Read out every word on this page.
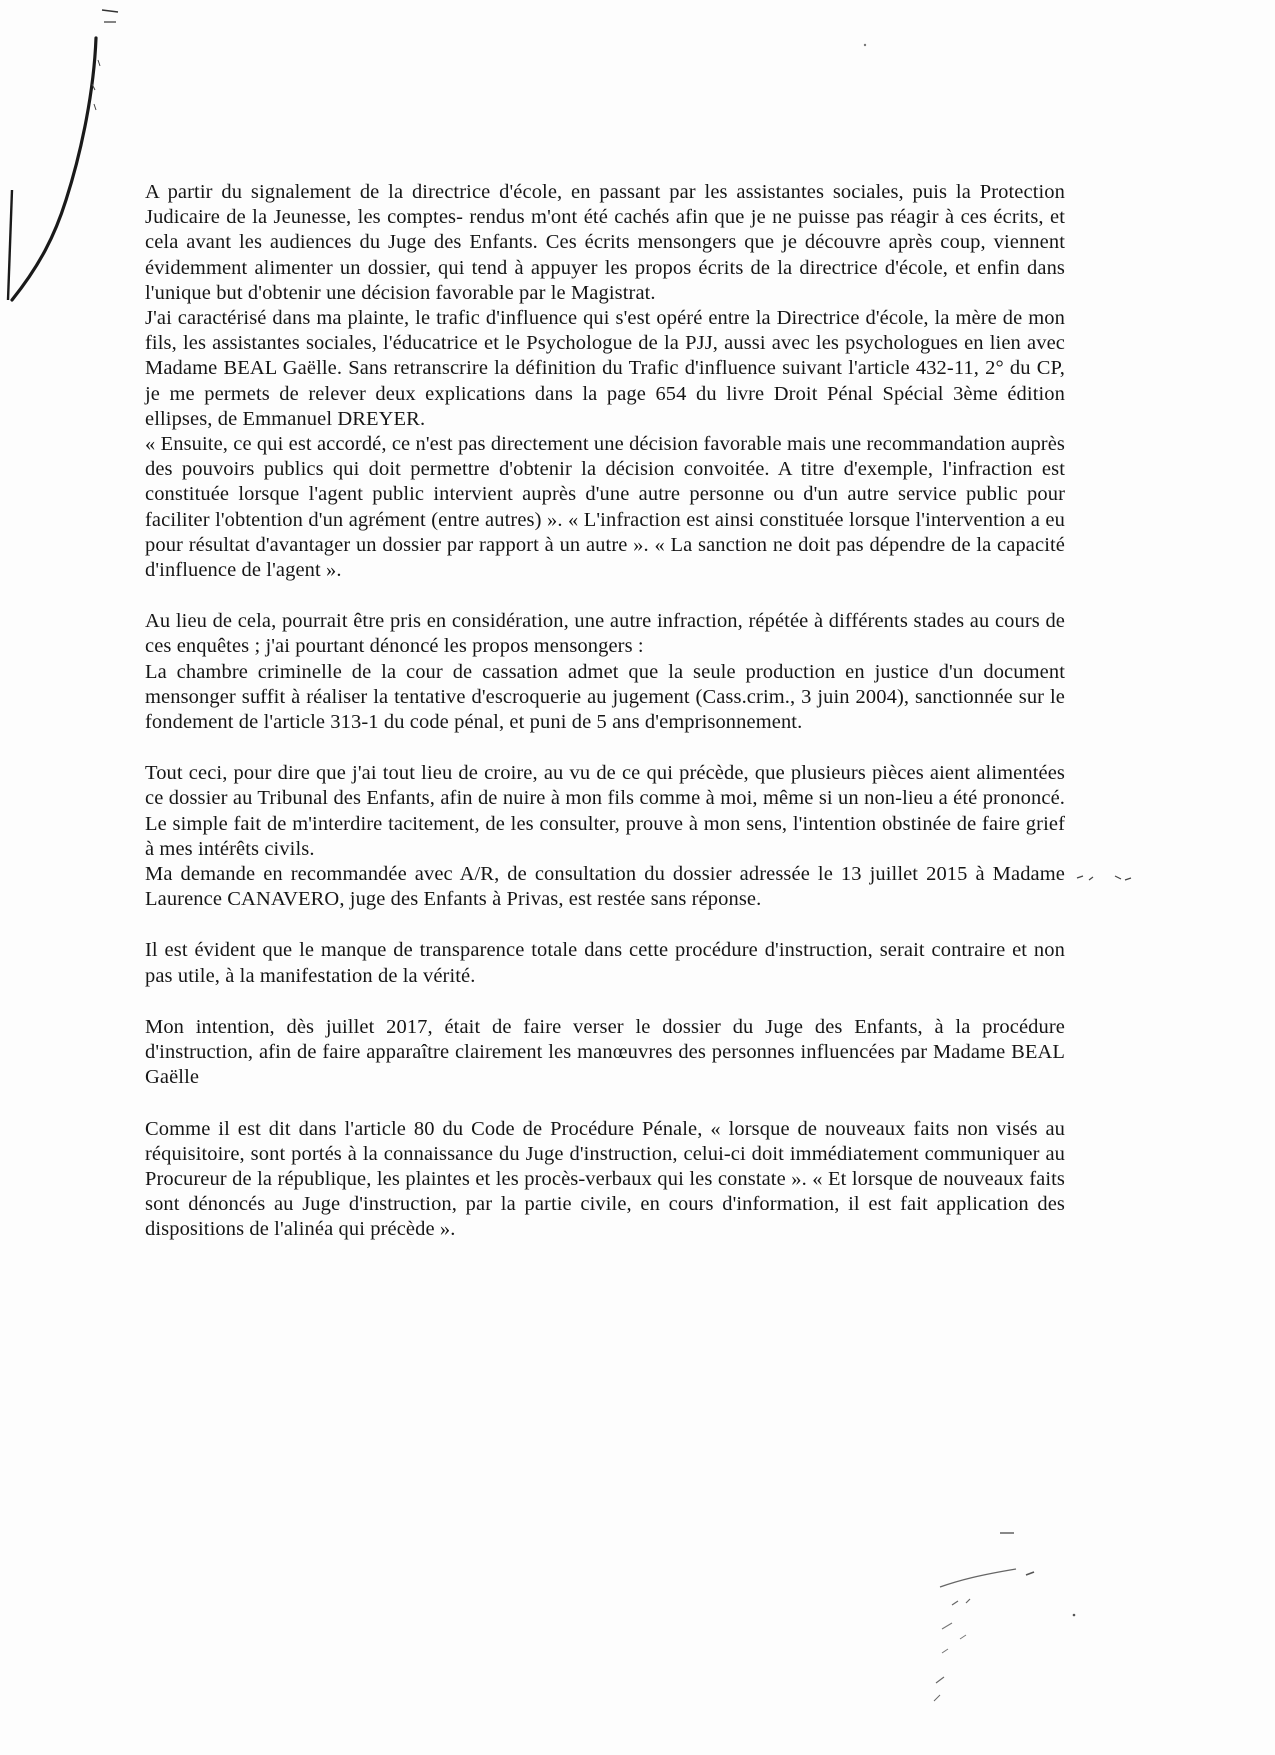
A partir du signalement de la directrice d'école, en passant par les assistantes sociales, puis la Protection Judicaire de la Jeunesse, les comptes- rendus m'ont été cachés afin que je ne puisse pas réagir à ces écrits, et cela avant les audiences du Juge des Enfants. Ces écrits mensongers que je découvre après coup, viennent évidemment alimenter un dossier, qui tend à appuyer les propos écrits de la directrice d'école, et enfin dans l'unique but d'obtenir une décision favorable par le Magistrat.

J'ai caractérisé dans ma plainte, le trafic d'influence qui s'est opéré entre la Directrice d'école, la mère de mon fils, les assistantes sociales, l'éducatrice et le Psychologue de la PJJ, aussi avec les psychologues en lien avec Madame BEAL Gaëlle. Sans retranscrire la définition du Trafic d'influence suivant l'article 432-11, 2° du CP, je me permets de relever deux explications dans la page 654 du livre Droit Pénal Spécial 3ème édition ellipses, de Emmanuel DREYER.

« Ensuite, ce qui est accordé, ce n'est pas directement une décision favorable mais une recommandation auprès des pouvoirs publics qui doit permettre d'obtenir la décision convoitée. A titre d'exemple, l'infraction est constituée lorsque l'agent public intervient auprès d'une autre personne ou d'un autre service public pour faciliter l'obtention d'un agrément (entre autres) ». « L'infraction est ainsi constituée lorsque l'intervention a eu pour résultat d'avantager un dossier par rapport à un autre ». « La sanction ne doit pas dépendre de la capacité d'influence de l'agent ».

Au lieu de cela, pourrait être pris en considération, une autre infraction, répétée à différents stades au cours de ces enquêtes ; j'ai pourtant dénoncé les propos mensongers :

La chambre criminelle de la cour de cassation admet que la seule production en justice d'un document mensonger suffit à réaliser la tentative d'escroquerie au jugement (Cass.crim., 3 juin 2004), sanctionnée sur le fondement de l'article 313-1 du code pénal, et puni de 5 ans d'emprisonnement.

Tout ceci, pour dire que j'ai tout lieu de croire, au vu de ce qui précède, que plusieurs pièces aient alimentées ce dossier au Tribunal des Enfants, afin de nuire à mon fils comme à moi, même si un non-lieu a été prononcé. Le simple fait de m'interdire tacitement, de les consulter, prouve à mon sens, l'intention obstinée de faire grief à mes intérêts civils.

Ma demande en recommandée avec A/R, de consultation du dossier adressée le 13 juillet 2015 à Madame Laurence CANAVERO, juge des Enfants à Privas, est restée sans réponse.

Il est évident que le manque de transparence totale dans cette procédure d'instruction, serait contraire et non pas utile, à la manifestation de la vérité.

Mon intention, dès juillet 2017, était de faire verser le dossier du Juge des Enfants, à la procédure d'instruction, afin de faire apparaître clairement les manœuvres des personnes influencées par Madame BEAL Gaëlle

Comme il est dit dans l'article 80 du Code de Procédure Pénale, « lorsque de nouveaux faits non visés au réquisitoire, sont portés à la connaissance du Juge d'instruction, celui-ci doit immédiatement communiquer au Procureur de la république, les plaintes et les procès-verbaux qui les constate ». « Et lorsque de nouveaux faits sont dénoncés au Juge d'instruction, par la partie civile, en cours d'information, il est fait application des dispositions de l'alinéa qui précède ».
